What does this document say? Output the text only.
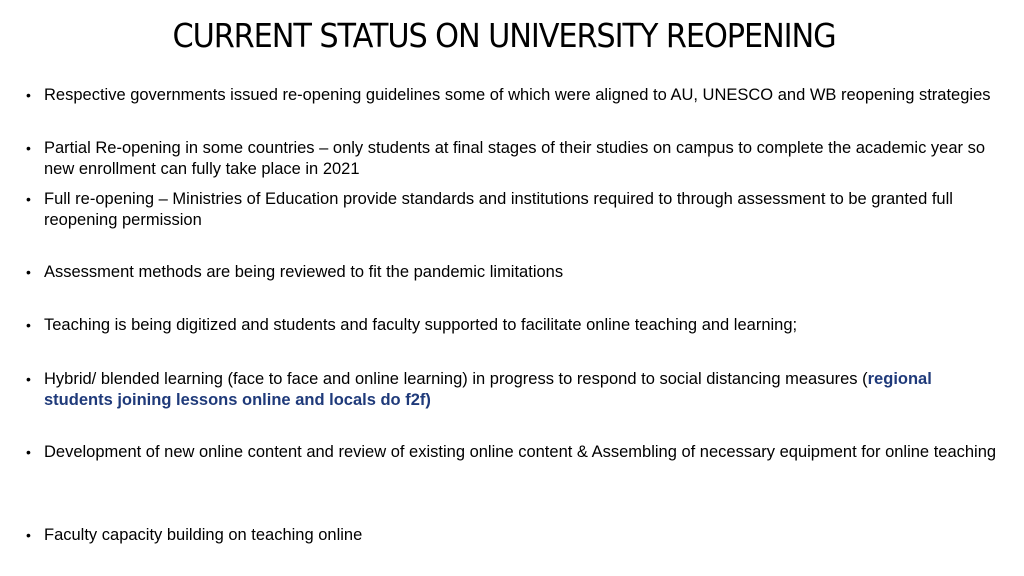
CURRENT STATUS ON UNIVERSITY REOPENING
• Respective governments issued re-opening guidelines some of which were aligned to AU, UNESCO and WB reopening strategies
• Partial Re-opening in some countries – only students at final stages of their studies on campus to complete the academic year so new enrollment can fully take place in 2021
• Full re-opening – Ministries of Education provide standards and institutions required to through assessment to be granted full reopening permission
• Assessment methods are being reviewed to fit the pandemic limitations
• Teaching is being digitized and students and faculty supported to facilitate online teaching and learning;
• Hybrid/ blended learning (face to face and online learning) in progress to respond to social distancing measures (regional students joining lessons online and locals do f2f)
• Development of new online content and review of existing online content & Assembling of necessary equipment for online teaching
• Faculty capacity building on teaching online
